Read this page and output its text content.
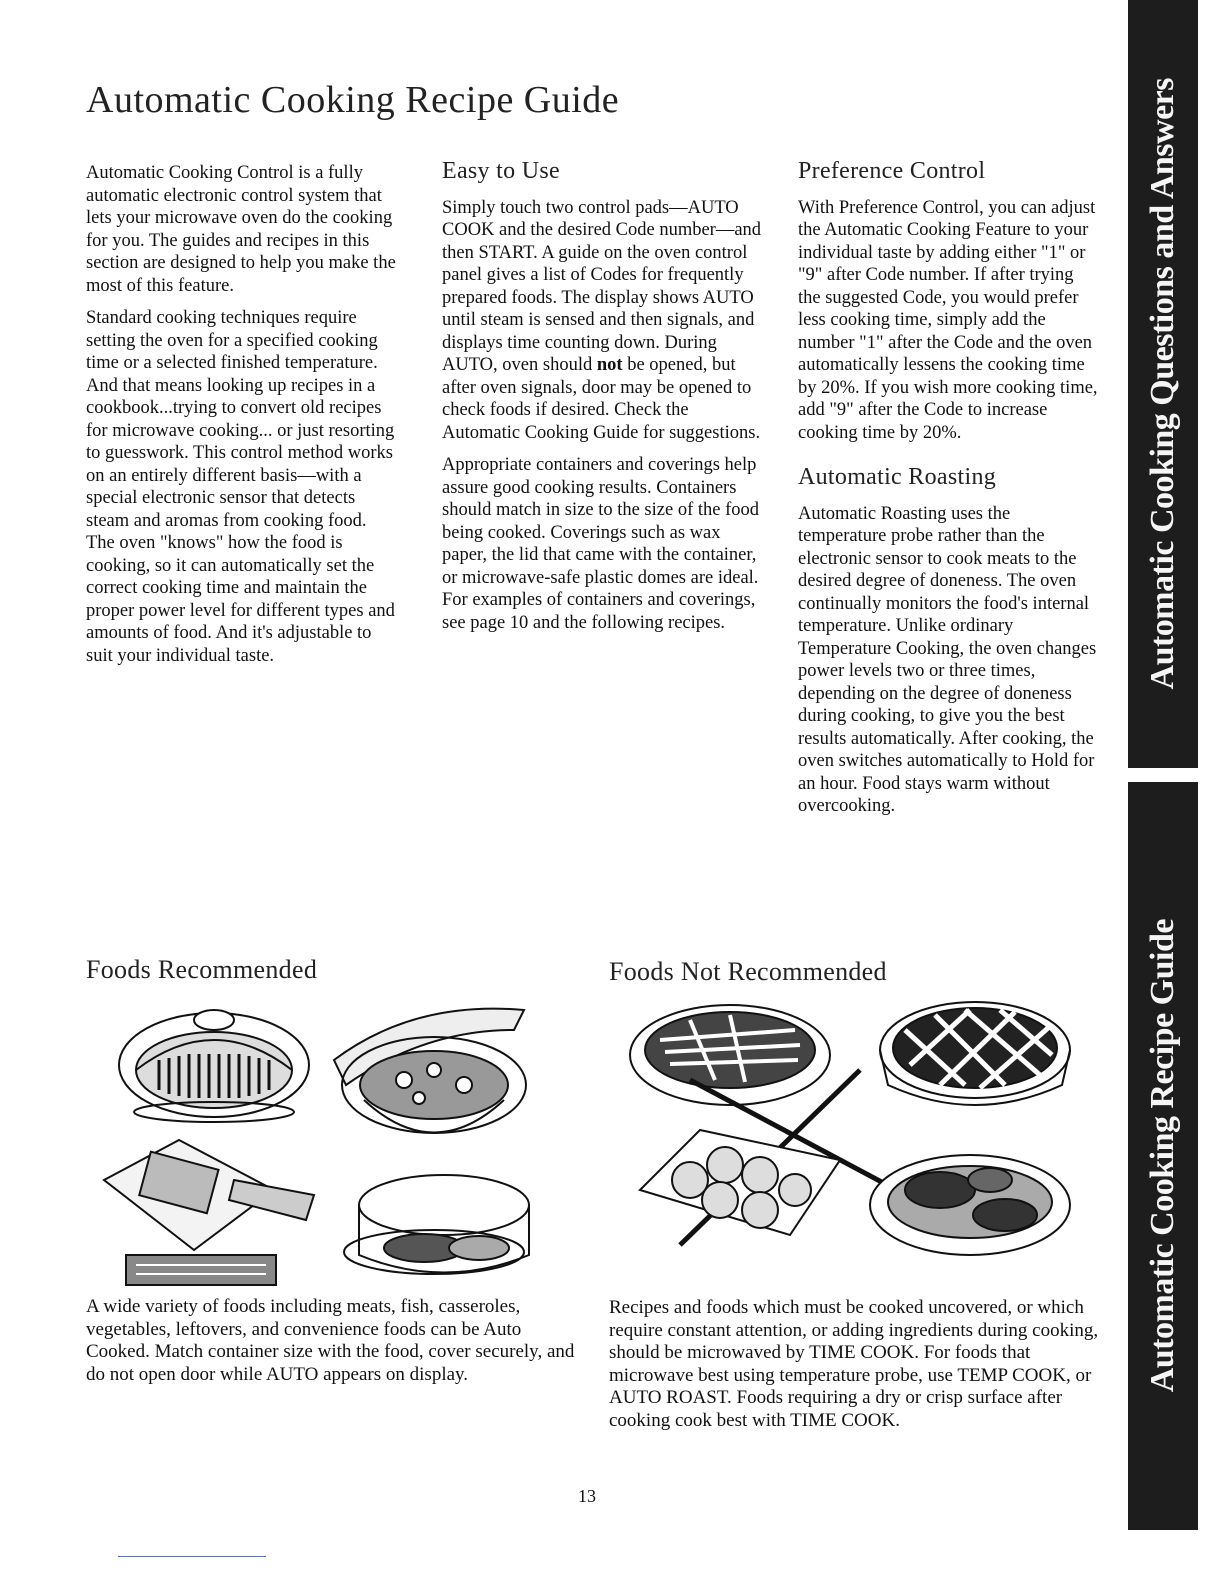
Automatic Cooking Recipe Guide

Automatic Cooking Control is a fully automatic electronic control system that lets your microwave oven do the cooking for you. The guides and recipes in this section are designed to help you make the most of this feature.

Standard cooking techniques require setting the oven for a specified cooking time or a selected finished temperature. And that means looking up recipes in a cookbook...trying to convert old recipes for microwave cooking... or just resorting to guesswork. This control method works on an entirely different basis—with a special electronic sensor that detects steam and aromas from cooking food. The oven "knows" how the food is cooking, so it can automatically set the correct cooking time and maintain the proper power level for different types and amounts of food. And it's adjustable to suit your individual taste.

Easy to Use

Simply touch two control pads—AUTO COOK and the desired Code number—and then START. A guide on the oven control panel gives a list of Codes for frequently prepared foods. The display shows AUTO until steam is sensed and then signals, and displays time counting down. During AUTO, oven should not be opened, but after oven signals, door may be opened to check foods if desired. Check the Automatic Cooking Guide for suggestions.

Appropriate containers and coverings help assure good cooking results. Containers should match in size to the size of the food being cooked. Coverings such as wax paper, the lid that came with the container, or microwave-safe plastic domes are ideal. For examples of containers and coverings, see page 10 and the following recipes.

Preference Control

With Preference Control, you can adjust the Automatic Cooking Feature to your individual taste by adding either "1" or "9" after Code number. If after trying the suggested Code, you would prefer less cooking time, simply add the number "1" after the Code and the oven automatically lessens the cooking time by 20%. If you wish more cooking time, add "9" after the Code to increase cooking time by 20%.

Automatic Roasting

Automatic Roasting uses the temperature probe rather than the electronic sensor to cook meats to the desired degree of doneness. The oven continually monitors the food's internal temperature. Unlike ordinary Temperature Cooking, the oven changes power levels two or three times, depending on the degree of doneness during cooking, to give you the best results automatically. After cooking, the oven switches automatically to Hold for an hour. Food stays warm without overcooking.

Foods Recommended

A wide variety of foods including meats, fish, casseroles, vegetables, leftovers, and convenience foods can be Auto Cooked. Match container size with the food, cover securely, and do not open door while AUTO appears on display.

Foods Not Recommended

Recipes and foods which must be cooked uncovered, or which require constant attention, or adding ingredients during cooking, should be microwaved by TIME COOK. For foods that microwave best using temperature probe, use TEMP COOK, or AUTO ROAST. Foods requiring a dry or crisp surface after cooking cook best with TIME COOK.

13
Automatic Cooking Questions and Answers
Automatic Cooking Recipe Guide
